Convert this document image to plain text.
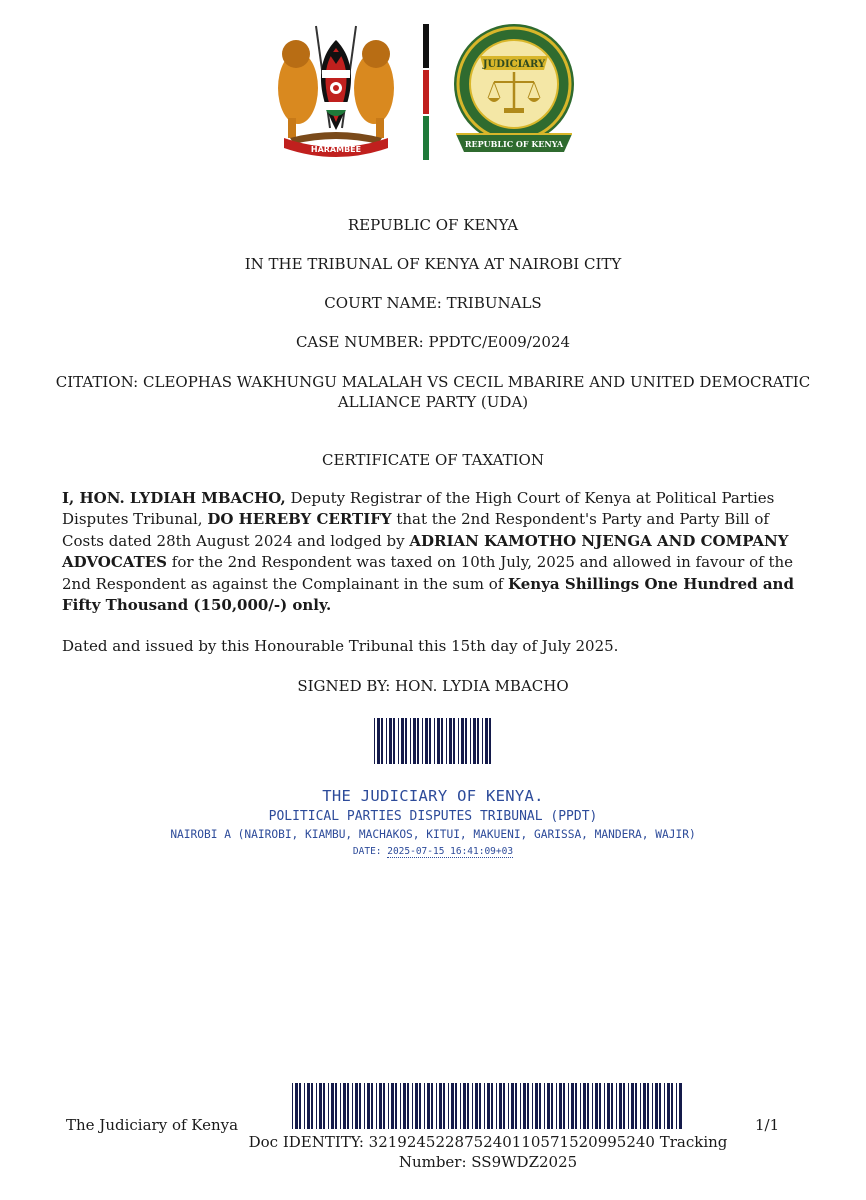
HARAMBEE
JUDICIARY
REPUBLIC OF KENYA
REPUBLIC OF KENYA
IN THE TRIBUNAL OF KENYA AT NAIROBI CITY
COURT NAME: TRIBUNALS
CASE NUMBER: PPDTC/E009/2024
CITATION: CLEOPHAS WAKHUNGU MALALAH VS CECIL MBARIRE AND UNITED DEMOCRATIC ALLIANCE PARTY (UDA)
CERTIFICATE OF TAXATION
I, HON. LYDIAH MBACHO, Deputy Registrar of the High Court of Kenya at Political Parties Disputes Tribunal, DO HEREBY CERTIFY that the 2nd Respondent's Party and Party Bill of Costs dated 28th August 2024 and lodged by ADRIAN KAMOTHO NJENGA AND COMPANY ADVOCATES for the 2nd Respondent was taxed on 10th July, 2025 and allowed in favour of the 2nd Respondent as against the Complainant in the sum of Kenya Shillings One Hundred and Fifty Thousand (150,000/-) only.
Dated and issued by this Honourable Tribunal this 15th day of July 2025.
SIGNED BY: HON. LYDIA MBACHO
THE JUDICIARY OF KENYA.
POLITICAL PARTIES DISPUTES TRIBUNAL (PPDT)
NAIROBI A (NAIROBI, KIAMBU, MACHAKOS, KITUI, MAKUENI, GARISSA, MANDERA, WAJIR)
DATE: 2025-07-15 16:41:09+03
The Judiciary of Kenya	1/1
Doc IDENTITY: 32192452287524011057152099524​0 Tracking Number: SS9WDZ2025
